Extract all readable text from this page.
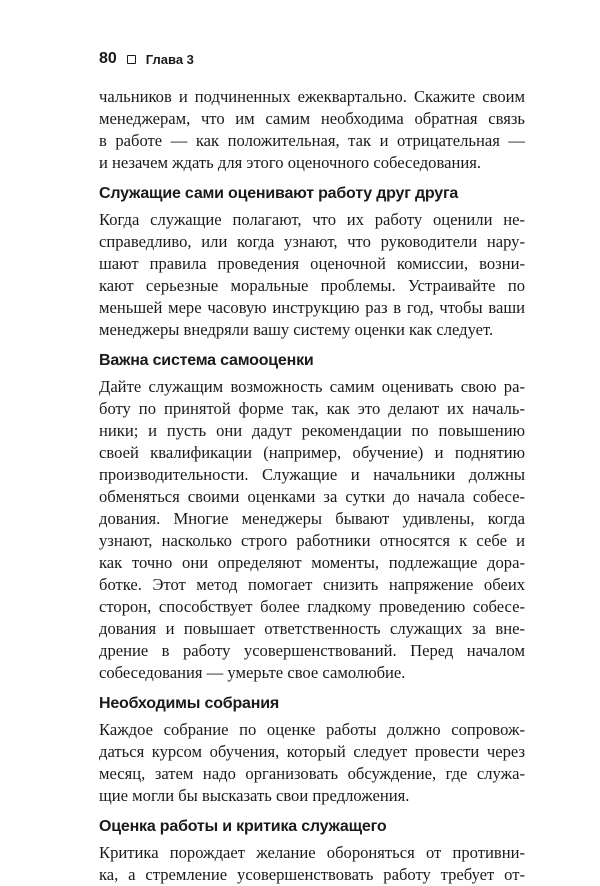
80 Глава 3
чальников и подчиненных ежеквартально. Скажите своим
менеджерам, что им самим необходима обратная связь
в работе — как положительная, так и отрицательная —
и незачем ждать для этого оценочного собеседования.
Служащие сами оценивают работу друг друга
Когда служащие полагают, что их работу оценили не-
справедливо, или когда узнают, что руководители нару-
шают правила проведения оценочной комиссии, возни-
кают серьезные моральные проблемы. Устраивайте по
меньшей мере часовую инструкцию раз в год, чтобы ваши
менеджеры внедряли вашу систему оценки как следует.
Важна система самооценки
Дайте служащим возможность самим оценивать свою ра-
боту по принятой форме так, как это делают их началь-
ники; и пусть они дадут рекомендации по повышению
своей квалификации (например, обучение) и поднятию
производительности. Служащие и начальники должны
обменяться своими оценками за сутки до начала собесе-
дования. Многие менеджеры бывают удивлены, когда
узнают, насколько строго работники относятся к себе и
как точно они определяют моменты, подлежащие дора-
ботке. Этот метод помогает снизить напряжение обеих
сторон, способствует более гладкому проведению собесе-
дования и повышает ответственность служащих за вне-
дрение в работу усовершенствований. Перед началом
собеседования — умерьте свое самолюбие.
Необходимы собрания
Каждое собрание по оценке работы должно сопровож-
даться курсом обучения, который следует провести через
месяц, затем надо организовать обсуждение, где служа-
щие могли бы высказать свои предложения.
Оценка работы и критика служащего
Критика порождает желание обороняться от противни-
ка, а стремление усовершенствовать работу требует от-
